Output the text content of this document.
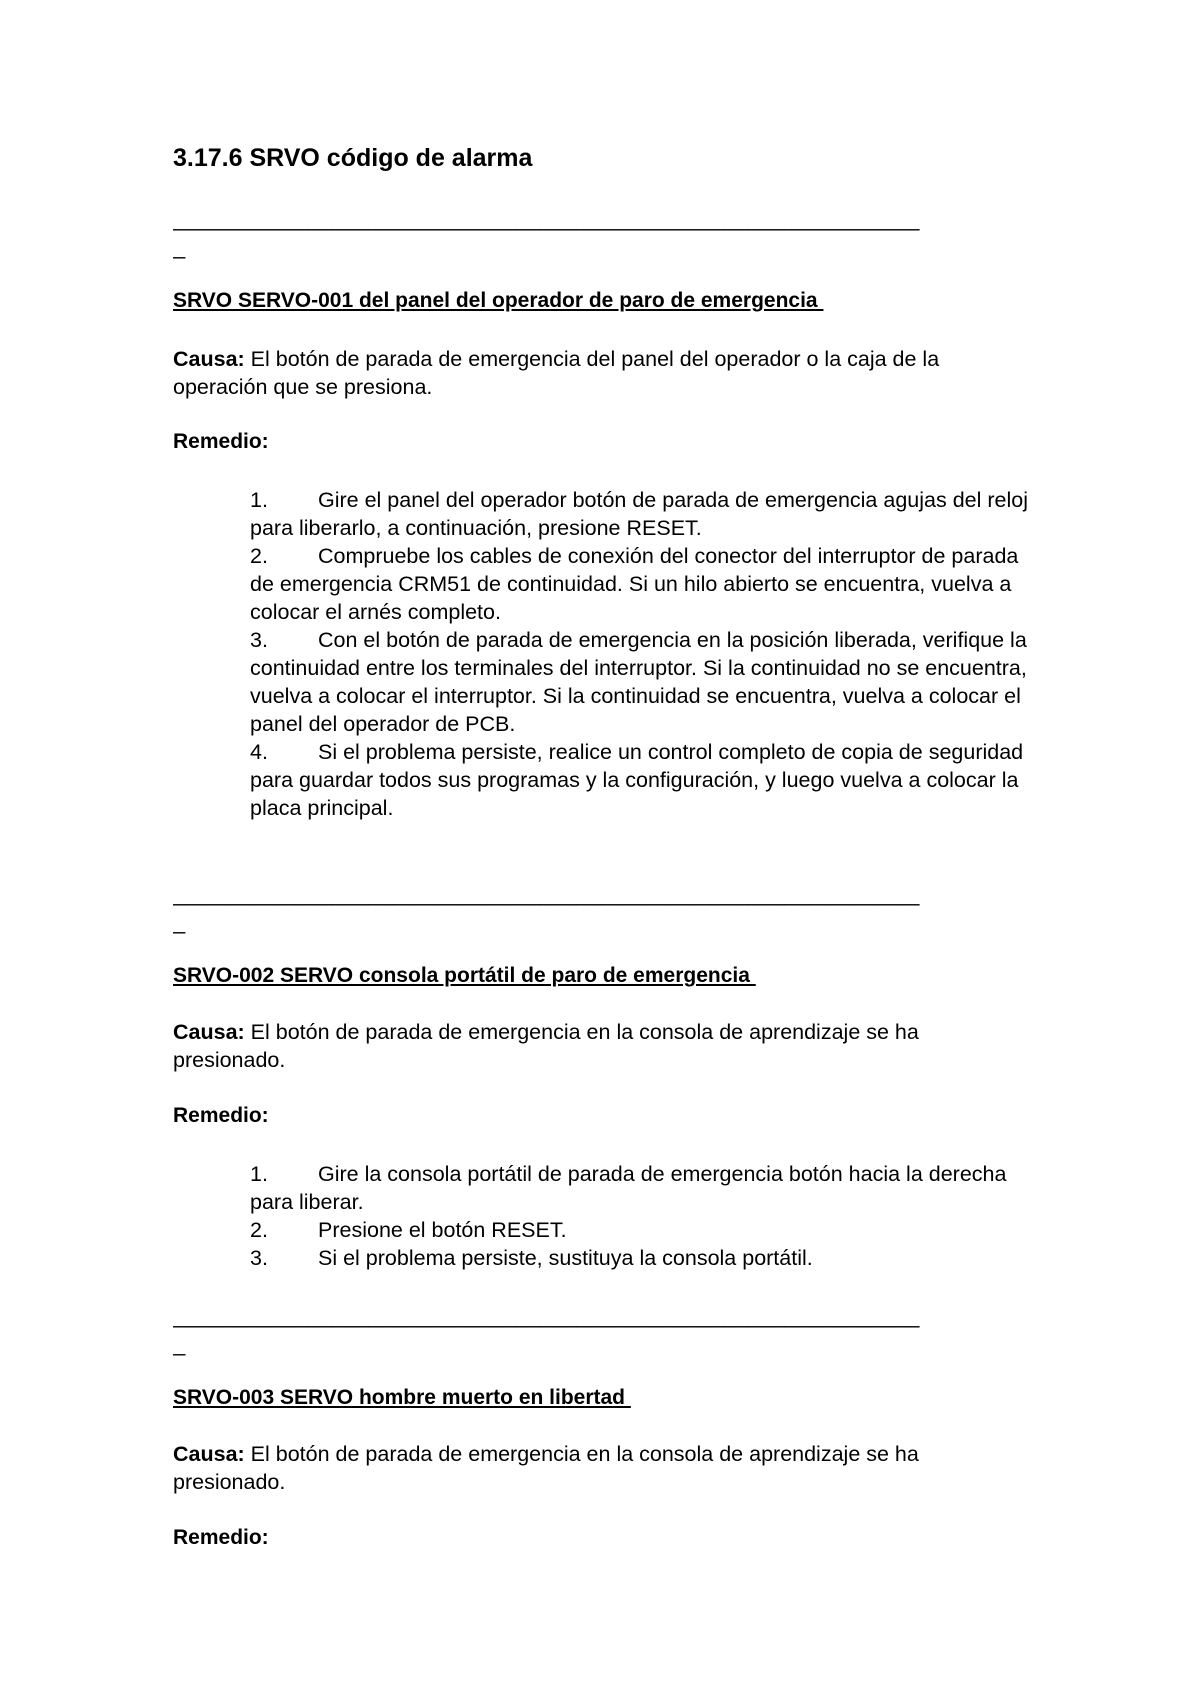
3.17.6 SRVO código de alarma
_____________________________________________________________
_

SRVO SERVO-001 del panel del operador de paro de emergencia

Causa: El botón de parada de emergencia del panel del operador o la caja de la operación que se presiona.

Remedio:

1. Gire el panel del operador botón de parada de emergencia agujas del reloj para liberarlo, a continuación, presione RESET.
2. Compruebe los cables de conexión del conector del interruptor de parada de emergencia CRM51 de continuidad. Si un hilo abierto se encuentra, vuelva a colocar el arnés completo.
3. Con el botón de parada de emergencia en la posición liberada, verifique la continuidad entre los terminales del interruptor. Si la continuidad no se encuentra, vuelva a colocar el interruptor. Si la continuidad se encuentra, vuelva a colocar el panel del operador de PCB.
4. Si el problema persiste, realice un control completo de copia de seguridad para guardar todos sus programas y la configuración, y luego vuelva a colocar la placa principal.
_____________________________________________________________
_

SRVO-002 SERVO consola portátil de paro de emergencia

Causa: El botón de parada de emergencia en la consola de aprendizaje se ha presionado.

Remedio:

1. Gire la consola portátil de parada de emergencia botón hacia la derecha para liberar.
2. Presione el botón RESET.
3. Si el problema persiste, sustituya la consola portátil.
_____________________________________________________________
_

SRVO-003 SERVO hombre muerto en libertad

Causa: El botón de parada de emergencia en la consola de aprendizaje se ha presionado.

Remedio:
